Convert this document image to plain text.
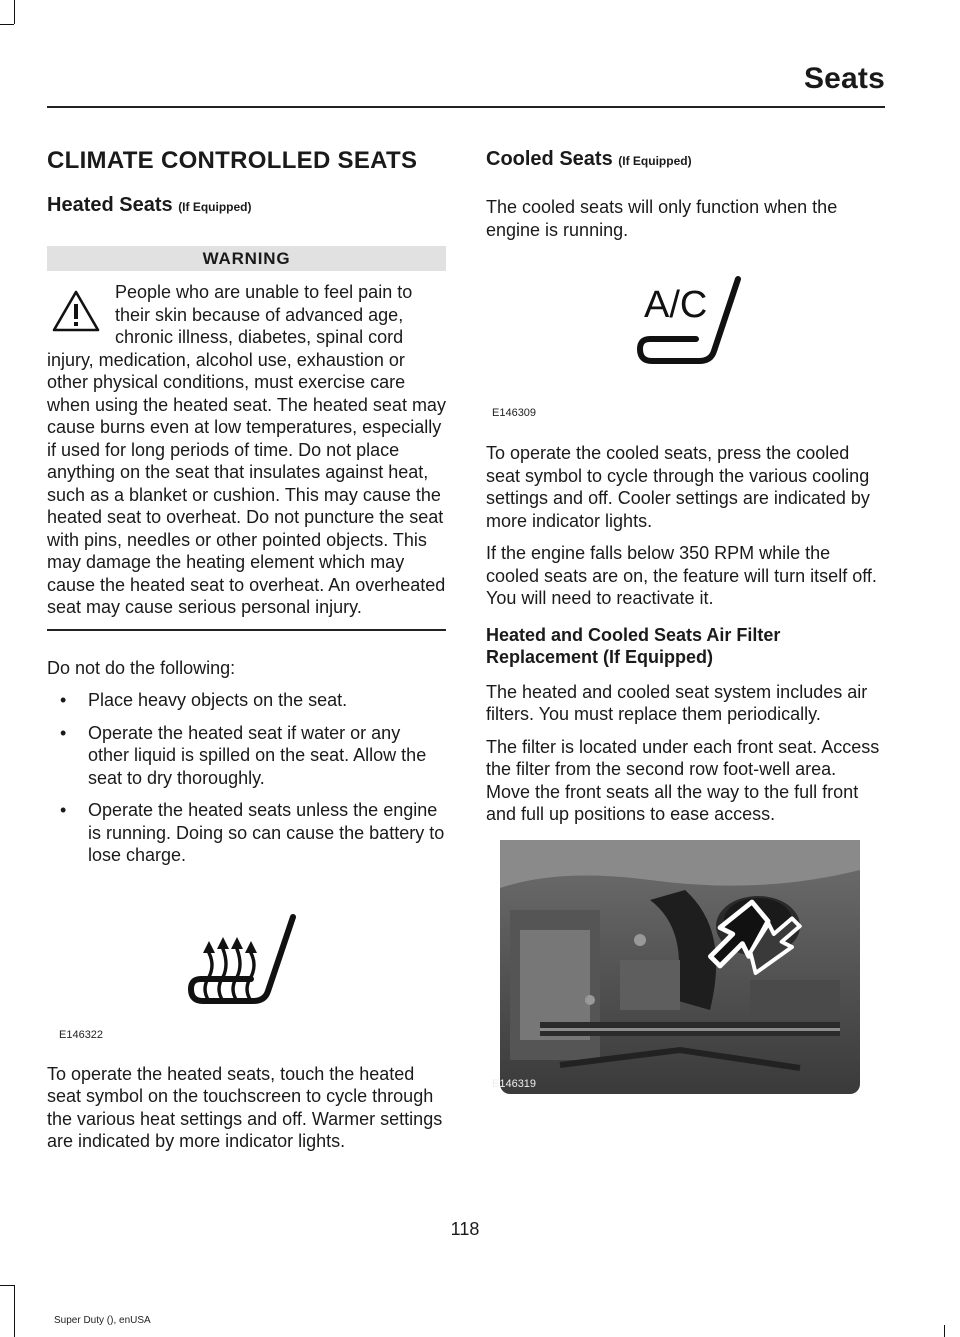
Seats
CLIMATE CONTROLLED SEATS
Heated Seats (If Equipped)
WARNING
People who are unable to feel pain to their skin because of advanced age, chronic illness, diabetes, spinal cord injury, medication, alcohol use, exhaustion or other physical conditions, must exercise care when using the heated seat. The heated seat may cause burns even at low temperatures, especially if used for long periods of time. Do not place anything on the seat that insulates against heat, such as a blanket or cushion. This may cause the heated seat to overheat. Do not puncture the seat with pins, needles or other pointed objects. This may damage the heating element which may cause the heated seat to overheat. An overheated seat may cause serious personal injury.

Do not do the following:

• Place heavy objects on the seat.
• Operate the heated seat if water or any other liquid is spilled on the seat. Allow the seat to dry thoroughly.
• Operate the heated seats unless the engine is running. Doing so can cause the battery to lose charge.
E146322

To operate the heated seats, touch the heated seat symbol on the touchscreen to cycle through the various heat settings and off. Warmer settings are indicated by more indicator lights.

Cooled Seats (If Equipped)

The cooled seats will only function when the engine is running.

A/C
E146309

To operate the cooled seats, press the cooled seat symbol to cycle through the various cooling settings and off. Cooler settings are indicated by more indicator lights.

If the engine falls below 350 RPM while the cooled seats are on, the feature will turn itself off. You will need to reactivate it.

Heated and Cooled Seats Air Filter Replacement (If Equipped)

The heated and cooled seat system includes air filters. You must replace them periodically.

The filter is located under each front seat. Access the filter from the second row foot-well area. Move the front seats all the way to the full front and full up positions to ease access.

E146319
118
Super Duty (), enUSA
